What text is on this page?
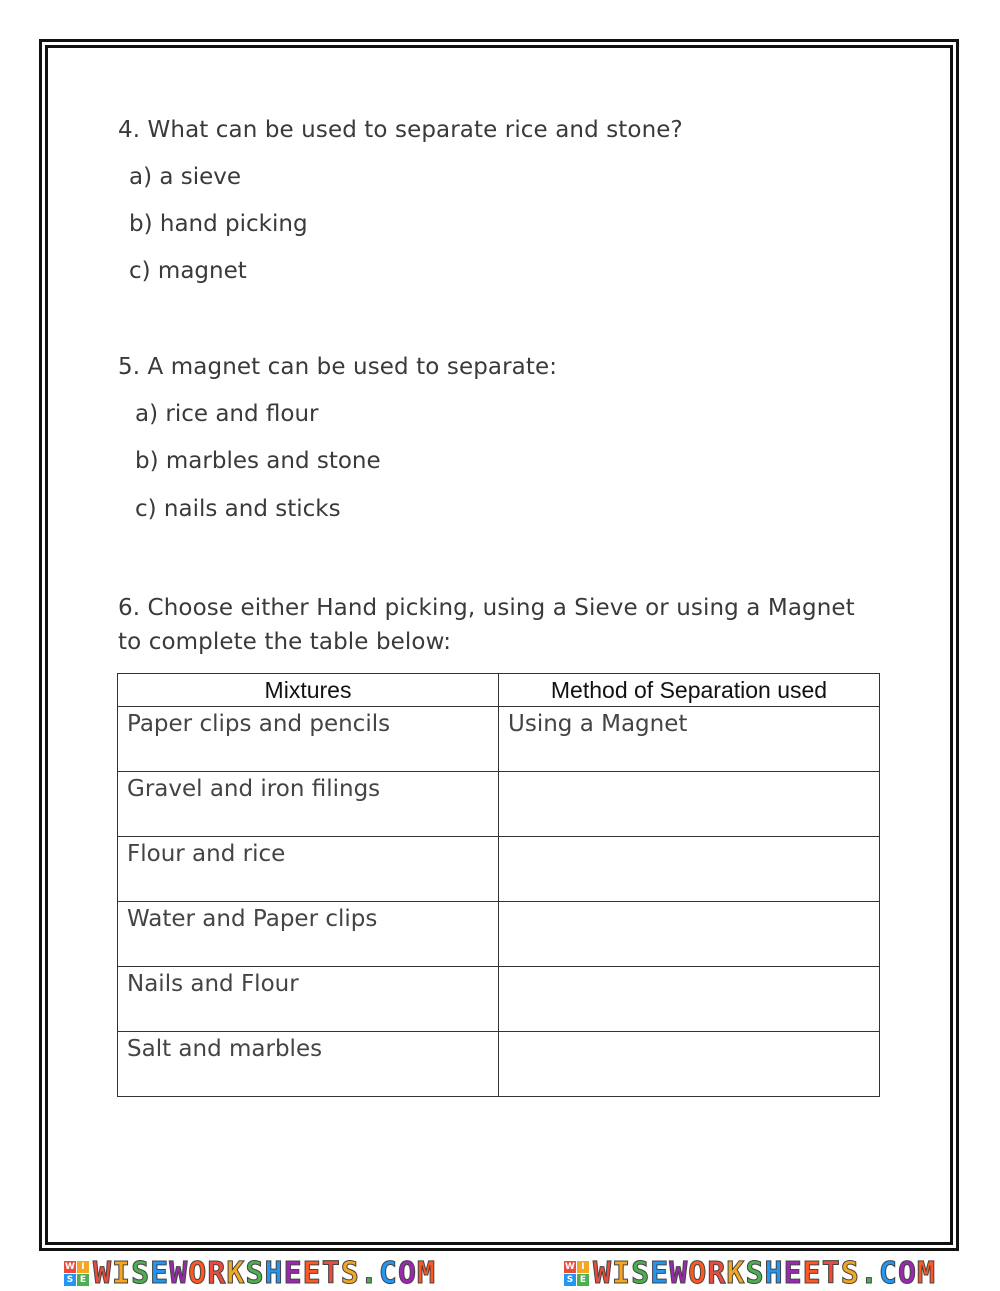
4. What can be used to separate rice and stone?
a) a sieve
b) hand picking
c) magnet
5. A magnet can be used to separate:
a) rice and flour
b) marbles and stone
c) nails and sticks
6. Choose either Hand picking, using a Sieve or using a Magnet to complete the table below:
Mixtures	Method of Separation used
Paper clips and pencils	Using a Magnet
Gravel and iron filings	
Flour and rice	
Water and Paper clips	
Nails and Flour	
Salt and marbles	
W I
S E W I S E W O R K S H E E T S . C O M	W I
S E W I S E W O R K S H E E T S . C O M
